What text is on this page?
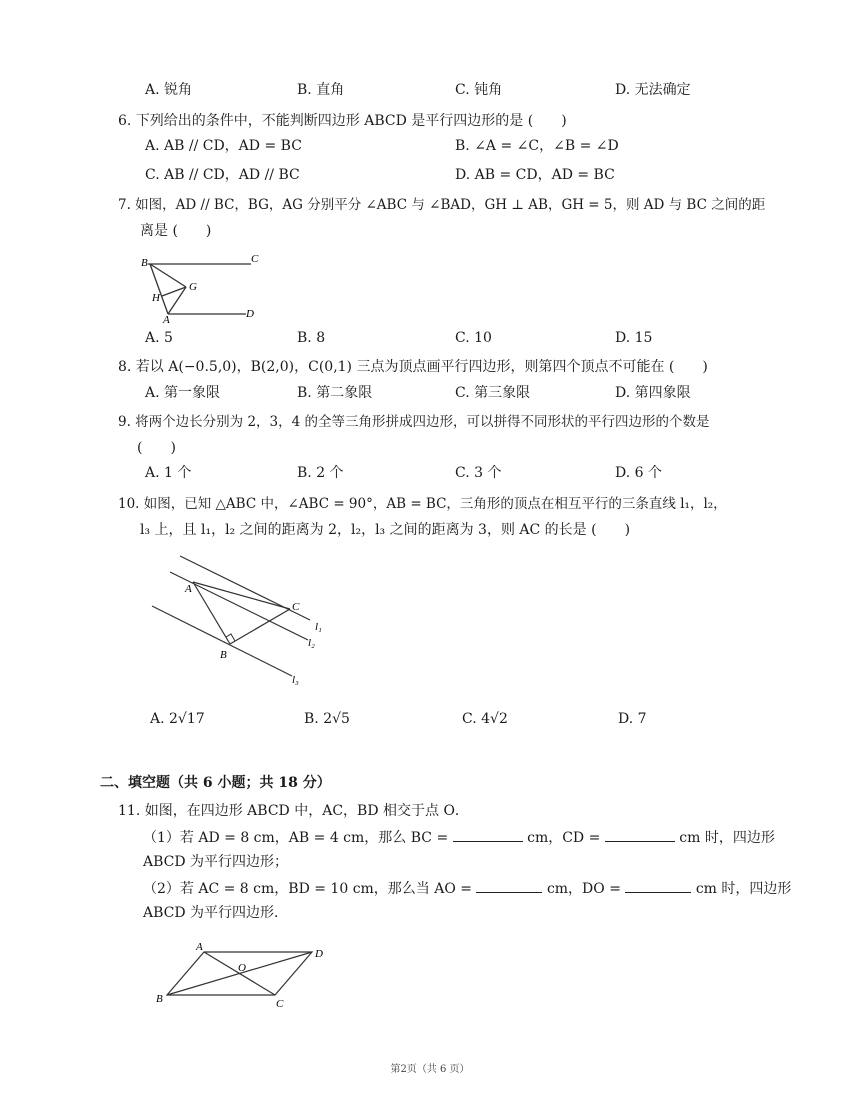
A. 锐角	B. 直角	C. 钝角	D. 无法确定
6. 下列给出的条件中，不能判断四边形 ABCD 是平行四边形的是 (　　)
A. AB // CD，AD = BC	B. ∠A = ∠C，∠B = ∠D
C. AB // CD，AD // BC	D. AB = CD，AD = BC
7. 如图，AD // BC，BG，AG 分别平分 ∠ABC 与 ∠BAD，GH ⊥ AB，GH = 5，则 AD 与 BC 之间的距
离是 (　　)
B	C
H
G
A	D
A. 5	B. 8	C. 10	D. 15
8. 若以 A(−0.5,0)，B(2,0)，C(0,1) 三点为顶点画平行四边形，则第四个顶点不可能在 (　　)
A. 第一象限	B. 第二象限	C. 第三象限	D. 第四象限
9. 将两个边长分别为 2，3，4 的全等三角形拼成四边形，可以拼得不同形状的平行四边形的个数是
(　　)
A. 1 个	B. 2 个	C. 3 个	D. 6 个
10. 如图，已知 △ABC 中，∠ABC = 90°，AB = BC，三角形的顶点在相互平行的三条直线 l₁，l₂，
l₃ 上，且 l₁，l₂ 之间的距离为 2，l₂，l₃ 之间的距离为 3，则 AC 的长是 (　　)
A
B
C
l₁
l₂
l₃
A. 2√17	B. 2√5	C. 4√2	D. 7
二、填空题（共 6 小题；共 18 分）
11. 如图，在四边形 ABCD 中，AC，BD 相交于点 O．
（1）若 AD = 8 cm，AB = 4 cm，那么 BC =	cm，CD =	cm 时，四边形
ABCD 为平行四边形；
（2）若 AC = 8 cm，BD = 10 cm，那么当 AO =	cm，DO =	cm 时，四边形
ABCD 为平行四边形．
A
D
O
B	C
第2页（共 6 页）
